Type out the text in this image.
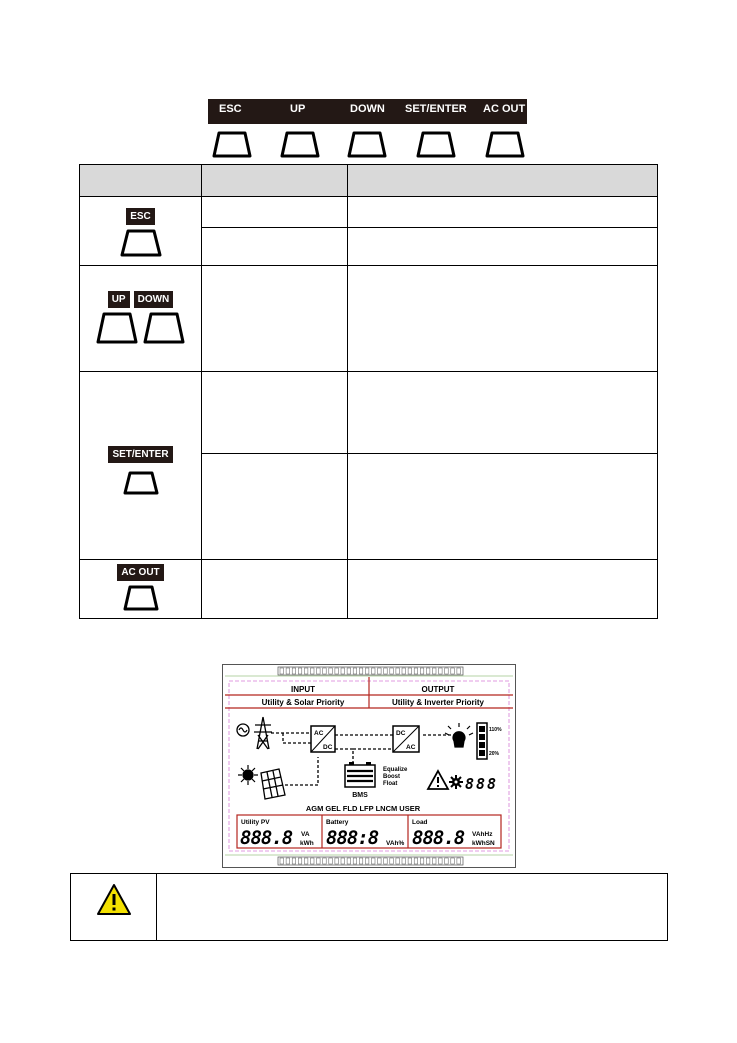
ESC	UP	DOWN SET/ENTER AC OUT

ESC		

UP DOWN		

SET/ENTER		

AC OUT		

INPUT	OUTPUT
Utility & Solar Priority	Utility & Inverter Priority
AC
DC
DC
AC
BMS
Equalize
Boost
Float
110%
20%
8 8 8
AGM GEL FLD LFP LNCM USER
Utility PV	Battery	Load
888.8 888:8 888.8
VA
kWh	VAh%
VAhHz
kWhSN
